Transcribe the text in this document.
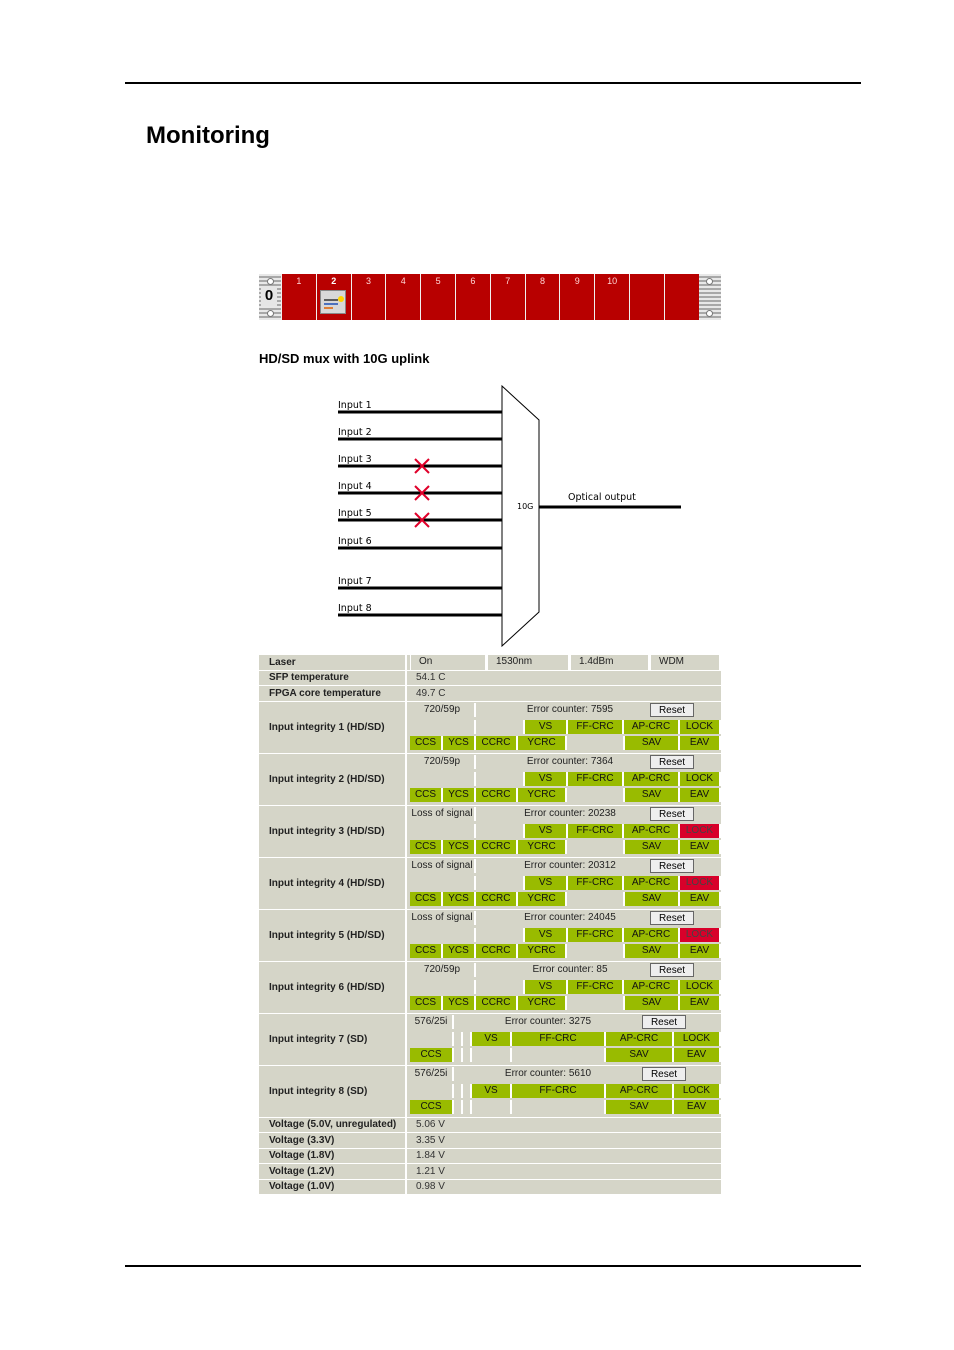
Monitoring
0
1	2	3	4	5	6	7	8	9	10
HD/SD mux with 10G uplink
Input 1
Input 2
Input 3
Input 4
Input 5
Input 6
Input 7
Input 8
10G
Optical output
Laser	On	1530nm	1.4dBm	WDM
SFP temperature	54.1 C
FPGA core temperature	49.7 C
Input integrity 1 (HD/SD)
720/59p	Error counter: 7595	Reset
VS	FF-CRC	AP-CRC	LOCK
CCS	YCS	CCRC	YCRC	SAV	EAV
Input integrity 2 (HD/SD)
720/59p	Error counter: 7364	Reset
VS	FF-CRC	AP-CRC	LOCK
CCS	YCS	CCRC	YCRC	SAV	EAV
Input integrity 3 (HD/SD)
Loss of signal	Error counter: 20238	Reset
VS	FF-CRC	AP-CRC	LOCK
CCS	YCS	CCRC	YCRC	SAV	EAV
Input integrity 4 (HD/SD)
Loss of signal	Error counter: 20312	Reset
VS	FF-CRC	AP-CRC	LOCK
CCS	YCS	CCRC	YCRC	SAV	EAV
Input integrity 5 (HD/SD)
Loss of signal	Error counter: 24045	Reset
VS	FF-CRC	AP-CRC	LOCK
CCS	YCS	CCRC	YCRC	SAV	EAV
Input integrity 6 (HD/SD)
720/59p	Error counter: 85	Reset
VS	FF-CRC	AP-CRC	LOCK
CCS	YCS	CCRC	YCRC	SAV	EAV
Input integrity 7 (SD)
576/25i	Error counter: 3275	Reset
VS	FF-CRC	AP-CRC	LOCK
CCS	SAV	EAV
Input integrity 8 (SD)
576/25i	Error counter: 5610	Reset
VS	FF-CRC	AP-CRC	LOCK
CCS	SAV	EAV
Voltage (5.0V, unregulated)	5.06 V
Voltage (3.3V)	3.35 V
Voltage (1.8V)	1.84 V
Voltage (1.2V)	1.21 V
Voltage (1.0V)	0.98 V
